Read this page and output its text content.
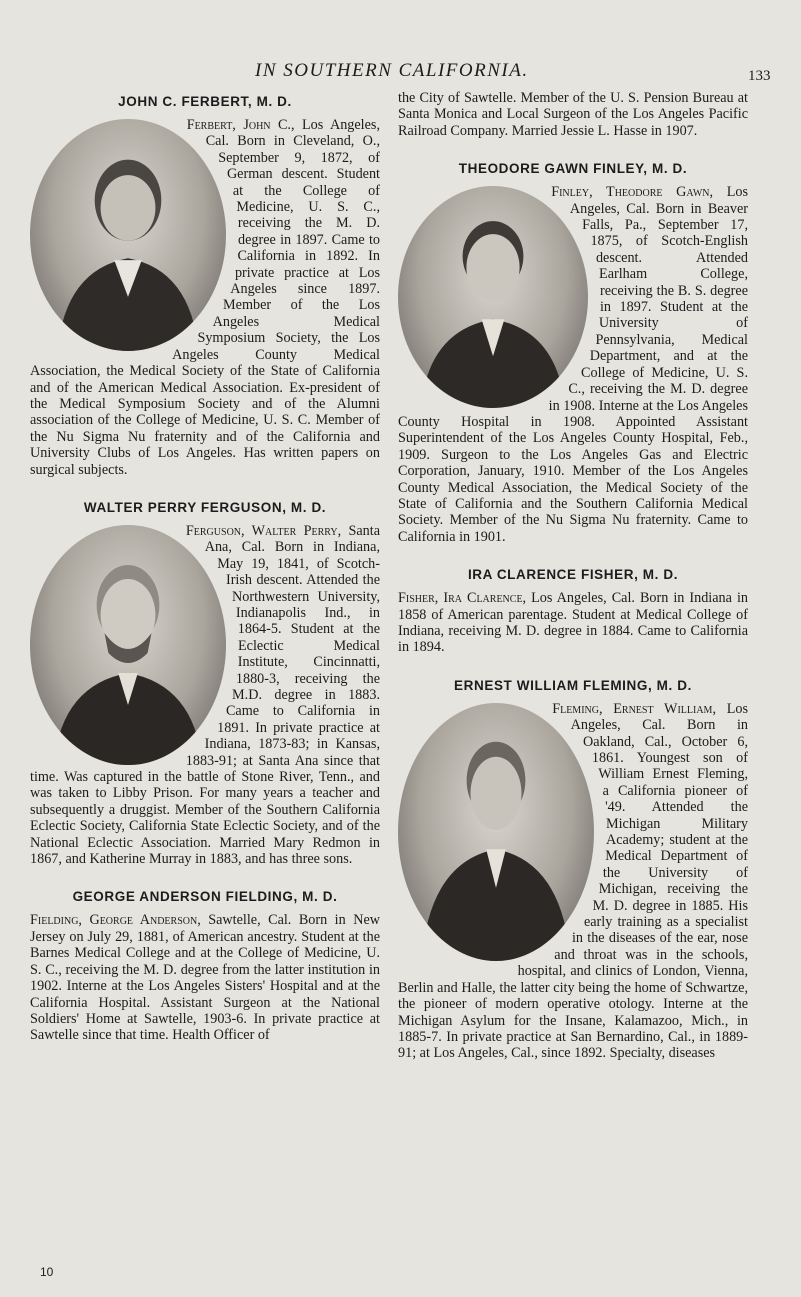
IN SOUTHERN CALIFORNIA.	133
JOHN C. FERBERT, M. D.

Ferbert, John C., Los Angeles, Cal. Born in Cleveland, O., September 9, 1872, of German descent. Student at the College of Medicine, U. S. C., receiving the M. D. degree in 1897. Came to California in 1892. In private practice at Los Angeles since 1897. Member of the Los Angeles Medical Symposium Society, the Los Angeles County Medical Association, the Medical Society of the State of California and of the American Medical Association. Ex-president of the Medical Symposium Society and of the Alumni association of the College of Medicine, U. S. C. Member of the Nu Sigma Nu fraternity and of the California and University Clubs of Los Angeles. Has written papers on surgical subjects.

WALTER PERRY FERGUSON, M. D.

Ferguson, Walter Perry, Santa Ana, Cal. Born in Indiana, May 19, 1841, of Scotch-Irish descent. Attended the Northwestern University, Indianapolis Ind., in 1864-5. Student at the Eclectic Medical Institute, Cincinnatti, 1880-3, receiving the M.D. degree in 1883. Came to California in 1891. In private practice at Indiana, 1873-83; in Kansas, 1883-91; at Santa Ana since that time. Was captured in the battle of Stone River, Tenn., and was taken to Libby Prison. For many years a teacher and subsequently a druggist. Member of the Southern California Eclectic Society, California State Eclectic Society, and of the National Eclectic Association. Married Mary Redmon in 1867, and Katherine Murray in 1883, and has three sons.

GEORGE ANDERSON FIELDING, M. D.

Fielding, George Anderson, Sawtelle, Cal. Born in New Jersey on July 29, 1881, of American ancestry. Student at the Barnes Medical College and at the College of Medicine, U. S. C., receiving the M. D. degree from the latter institution in 1902. Interne at the Los Angeles Sisters' Hospital and at the California Hospital. Assistant Surgeon at the National Soldiers' Home at Sawtelle, 1903-6. In private practice at Sawtelle since that time. Health Officer of

the City of Sawtelle. Member of the U. S. Pension Bureau at Santa Monica and Local Surgeon of the Los Angeles Pacific Railroad Company. Married Jessie L. Hasse in 1907.

THEODORE GAWN FINLEY, M. D.

Finley, Theodore Gawn, Los Angeles, Cal. Born in Beaver Falls, Pa., September 17, 1875, of Scotch-English descent. Attended Earlham College, receiving the B. S. degree in 1897. Student at the University of Pennsylvania, Medical Department, and at the College of Medicine, U. S. C., receiving the M. D. degree in 1908. Interne at the Los Angeles County Hospital in 1908. Appointed Assistant Superintendent of the Los Angeles County Hospital, Feb., 1909. Surgeon to the Los Angeles Gas and Electric Corporation, January, 1910. Member of the Los Angeles County Medical Association, the Medical Society of the State of California and the Southern California Medical Society. Member of the Nu Sigma Nu fraternity. Came to California in 1901.

IRA CLARENCE FISHER, M. D.

Fisher, Ira Clarence, Los Angeles, Cal. Born in Indiana in 1858 of American parentage. Student at Medical College of Indiana, receiving M. D. degree in 1884. Came to California in 1894.

ERNEST WILLIAM FLEMING, M. D.

Fleming, Ernest William, Los Angeles, Cal. Born in Oakland, Cal., October 6, 1861. Youngest son of William Ernest Fleming, a California pioneer of '49. Attended the Michigan Military Academy; student at the Medical Department of the University of Michigan, receiving the M. D. degree in 1885. His early training as a specialist in the diseases of the ear, nose and throat was in the schools, hospital, and clinics of London, Vienna, Berlin and Halle, the latter city being the home of Schwartze, the pioneer of modern operative otology. Interne at the Michigan Asylum for the Insane, Kalamazoo, Mich., in 1885-7. In private practice at San Bernardino, Cal., in 1889-91; at Los Angeles, Cal., since 1892. Specialty, diseases

10
